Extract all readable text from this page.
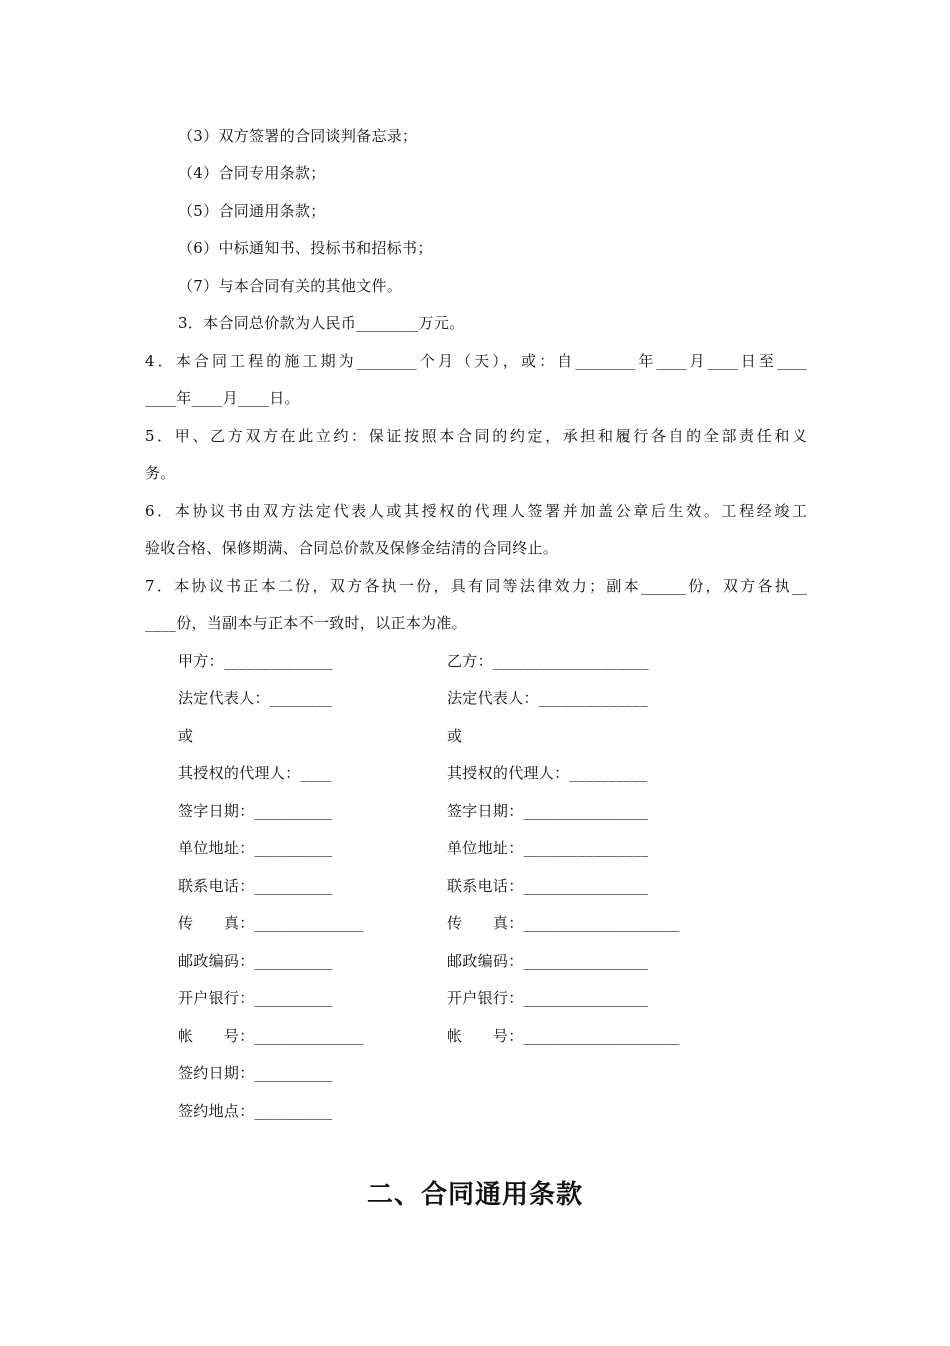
（3）双方签署的合同谈判备忘录；
（4）合同专用条款；
（5）合同通用条款；
（6）中标通知书、投标书和招标书；
（7）与本合同有关的其他文件。
3．本合同总价款为人民币________万元。
4．本合同工程的施工期为________个月（天），或：自________年____月____日至____
____年____月____日。
5．甲、乙方双方在此立约：保证按照本合同的约定，承担和履行各自的全部责任和义
务。
6．本协议书由双方法定代表人或其授权的代理人签署并加盖公章后生效。工程经竣工
验收合格、保修期满、合同总价款及保修金结清的合同终止。
7．本协议书正本二份，双方各执一份，具有同等法律效力；副本______份，双方各执__
____份，当副本与正本不一致时，以正本为准。
甲方：______________
法定代表人：________
或
其授权的代理人：____
签字日期：__________
单位地址：__________
联系电话：__________
传　　真：______________
邮政编码：__________
开户银行：__________
帐　　号：______________
签约日期：__________
签约地点：__________
乙方：____________________
法定代表人：______________
或
其授权的代理人：__________
签字日期：________________
单位地址：________________
联系电话：________________
传　　真：____________________
邮政编码：________________
开户银行：________________
帐　　号：____________________
二、合同通用条款
